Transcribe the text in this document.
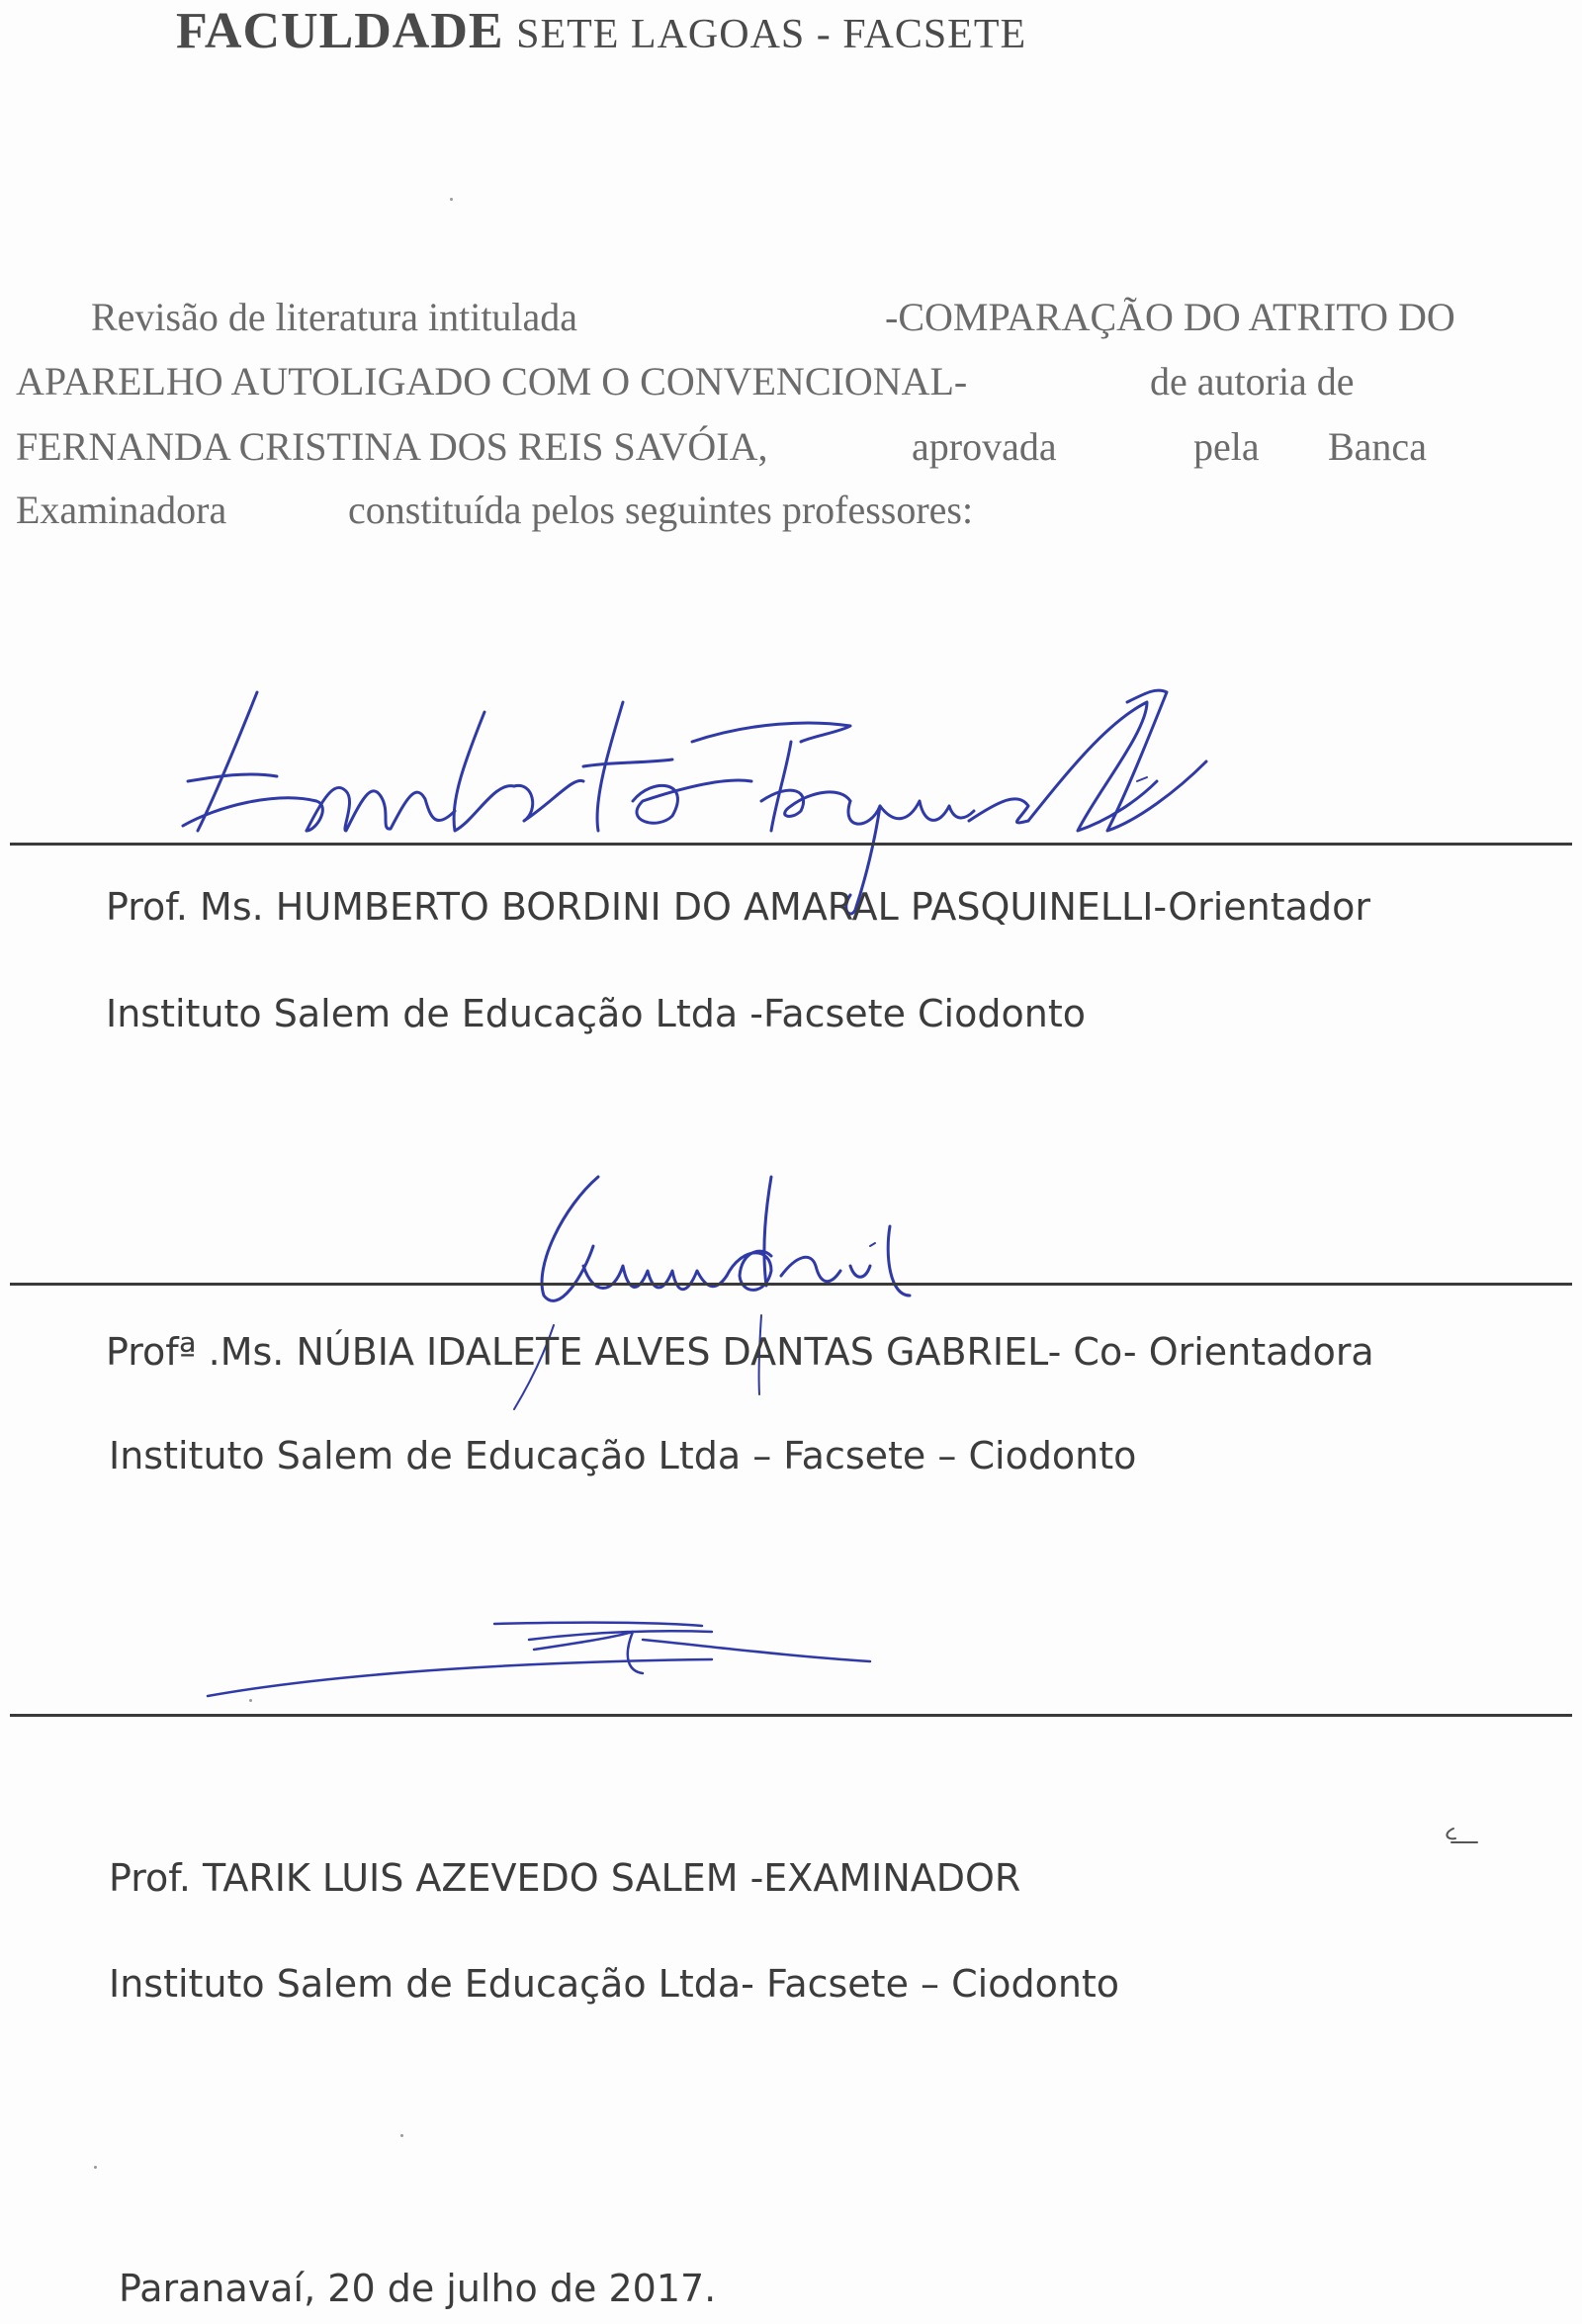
FACULDADE SETE LAGOAS - FACSETE
Revisão de literatura intitulada	-COMPARAÇÃO DO ATRITO DO
APARELHO AUTOLIGADO COM O CONVENCIONAL-	de autoria de
FERNANDA CRISTINA DOS REIS SAVÓIA,	aprovada	pela Banca
Examinadora	constituída pelos seguintes professores:
Prof. Ms. HUMBERTO BORDINI DO AMARAL PASQUINELLI-Orientador
Instituto Salem de Educação Ltda -Facsete Ciodonto
Profª .Ms. NÚBIA IDALETE ALVES DANTAS GABRIEL- Co- Orientadora
Instituto Salem de Educação Ltda – Facsete – Ciodonto
Prof. TARIK LUIS AZEVEDO SALEM -EXAMINADOR
Instituto Salem de Educação Ltda- Facsete – Ciodonto
Paranavaí, 20 de julho de 2017.
